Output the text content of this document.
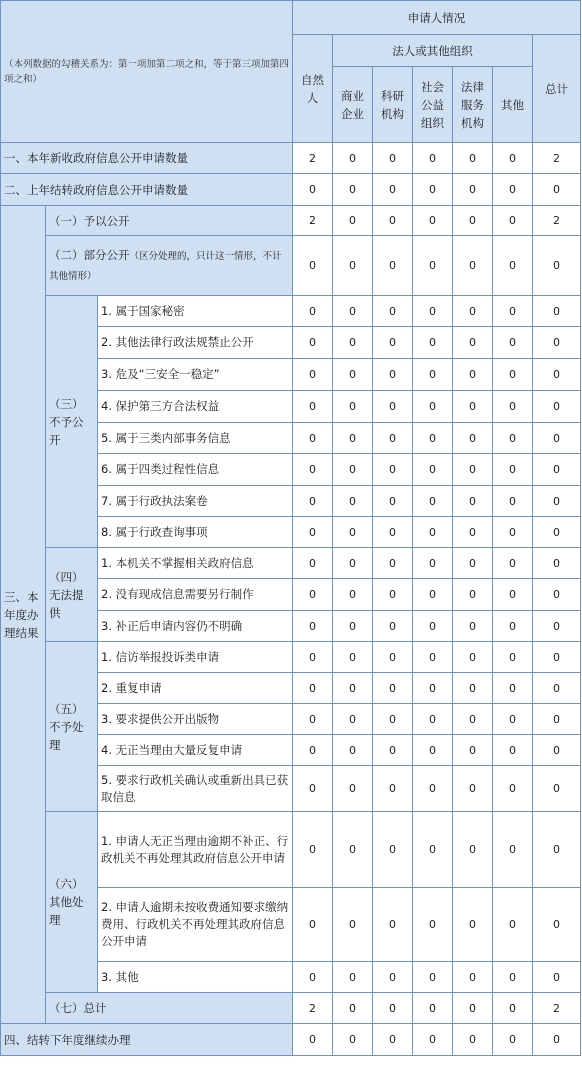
（本列数据的勾稽关系为：第一项加第二项之和，等于第三项加第四项之和）			申请人情况						
			自然人	法人或其他组织					总计
				商业企业	科研机构	社会公益组织	法律服务机构	其他	
一、本年新收政府信息公开申请数量			2	0	0	0	0	0	2
二、上年结转政府信息公开申请数量			0	0	0	0	0	0	0
三、本年度办理结果	（一）予以公开		2	0	0	0	0	0	2
	（二）部分公开（区分处理的，只计这一情形，不计其他情形）		0	0	0	0	0	0	0
	（三）不予公开	1. 属于国家秘密	0	0	0	0	0	0	0
		2. 其他法律行政法规禁止公开	0	0	0	0	0	0	0
		3. 危及“三安全一稳定”	0	0	0	0	0	0	0
		4. 保护第三方合法权益	0	0	0	0	0	0	0
		5. 属于三类内部事务信息	0	0	0	0	0	0	0
		6. 属于四类过程性信息	0	0	0	0	0	0	0
		7. 属于行政执法案卷	0	0	0	0	0	0	0
		8. 属于行政查询事项	0	0	0	0	0	0	0
	（四）无法提供	1. 本机关不掌握相关政府信息	0	0	0	0	0	0	0
		2. 没有现成信息需要另行制作	0	0	0	0	0	0	0
		3. 补正后申请内容仍不明确	0	0	0	0	0	0	0
	（五）不予处理	1. 信访举报投诉类申请	0	0	0	0	0	0	0
		2. 重复申请	0	0	0	0	0	0	0
		3. 要求提供公开出版物	0	0	0	0	0	0	0
		4. 无正当理由大量反复申请	0	0	0	0	0	0	0
		5. 要求行政机关确认或重新出具已获取信息	0	0	0	0	0	0	0
	（六）其他处理	1. 申请人无正当理由逾期不补正、行政机关不再处理其政府信息公开申请	0	0	0	0	0	0	0
		2. 申请人逾期未按收费通知要求缴纳费用、行政机关不再处理其政府信息公开申请	0	0	0	0	0	0	0
		3. 其他	0	0	0	0	0	0	0
	（七）总计		2	0	0	0	0	0	2
四、结转下年度继续办理			0	0	0	0	0	0	0
